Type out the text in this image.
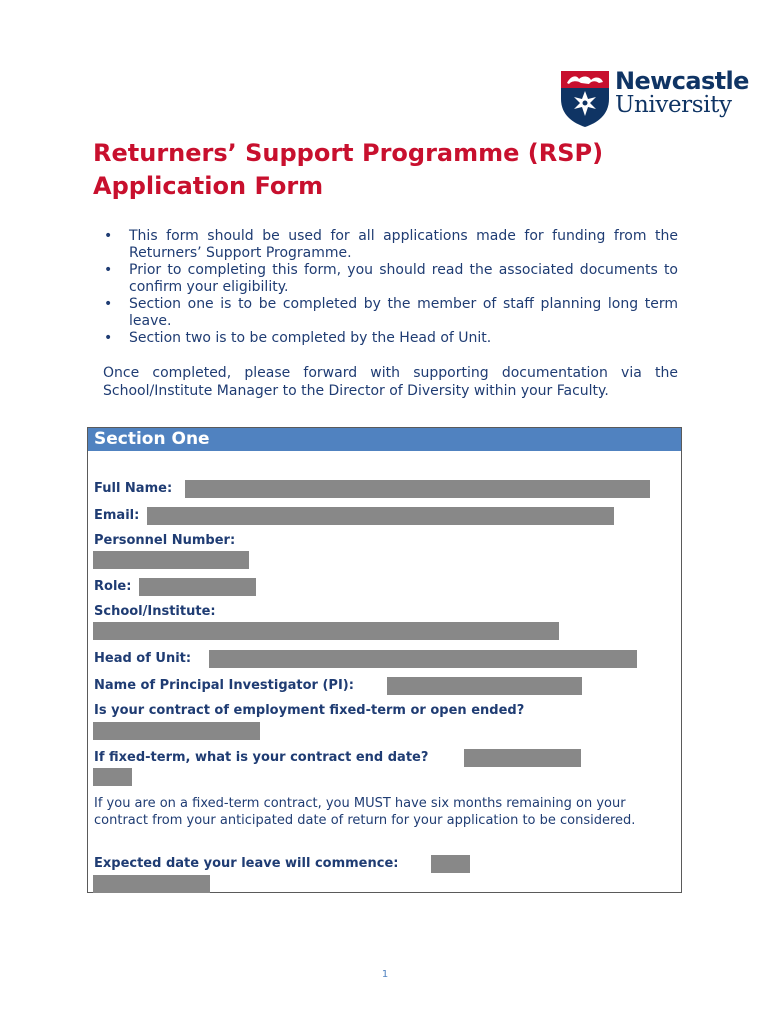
Newcastle
University
Returners’ Support Programme (RSP)
Application Form
• This form should be used for all applications made for funding from the Returners’ Support Programme.
• Prior to completing this form, you should read the associated documents to confirm your eligibility.
• Section one is to be completed by the member of staff planning long term leave.
• Section two is to be completed by the Head of Unit.

Once completed, please forward with supporting documentation via the School/Institute Manager to the Director of Diversity within your Faculty.

Section One
Full Name:
Email:
Personnel Number:
Role:
School/Institute:
Head of Unit:
Name of Principal Investigator (PI):
Is your contract of employment fixed-term or open ended?
If fixed-term, what is your contract end date?
If you are on a fixed-term contract, you MUST have six months remaining on your contract from your anticipated date of return for your application to be considered.
Expected date your leave will commence:
1
